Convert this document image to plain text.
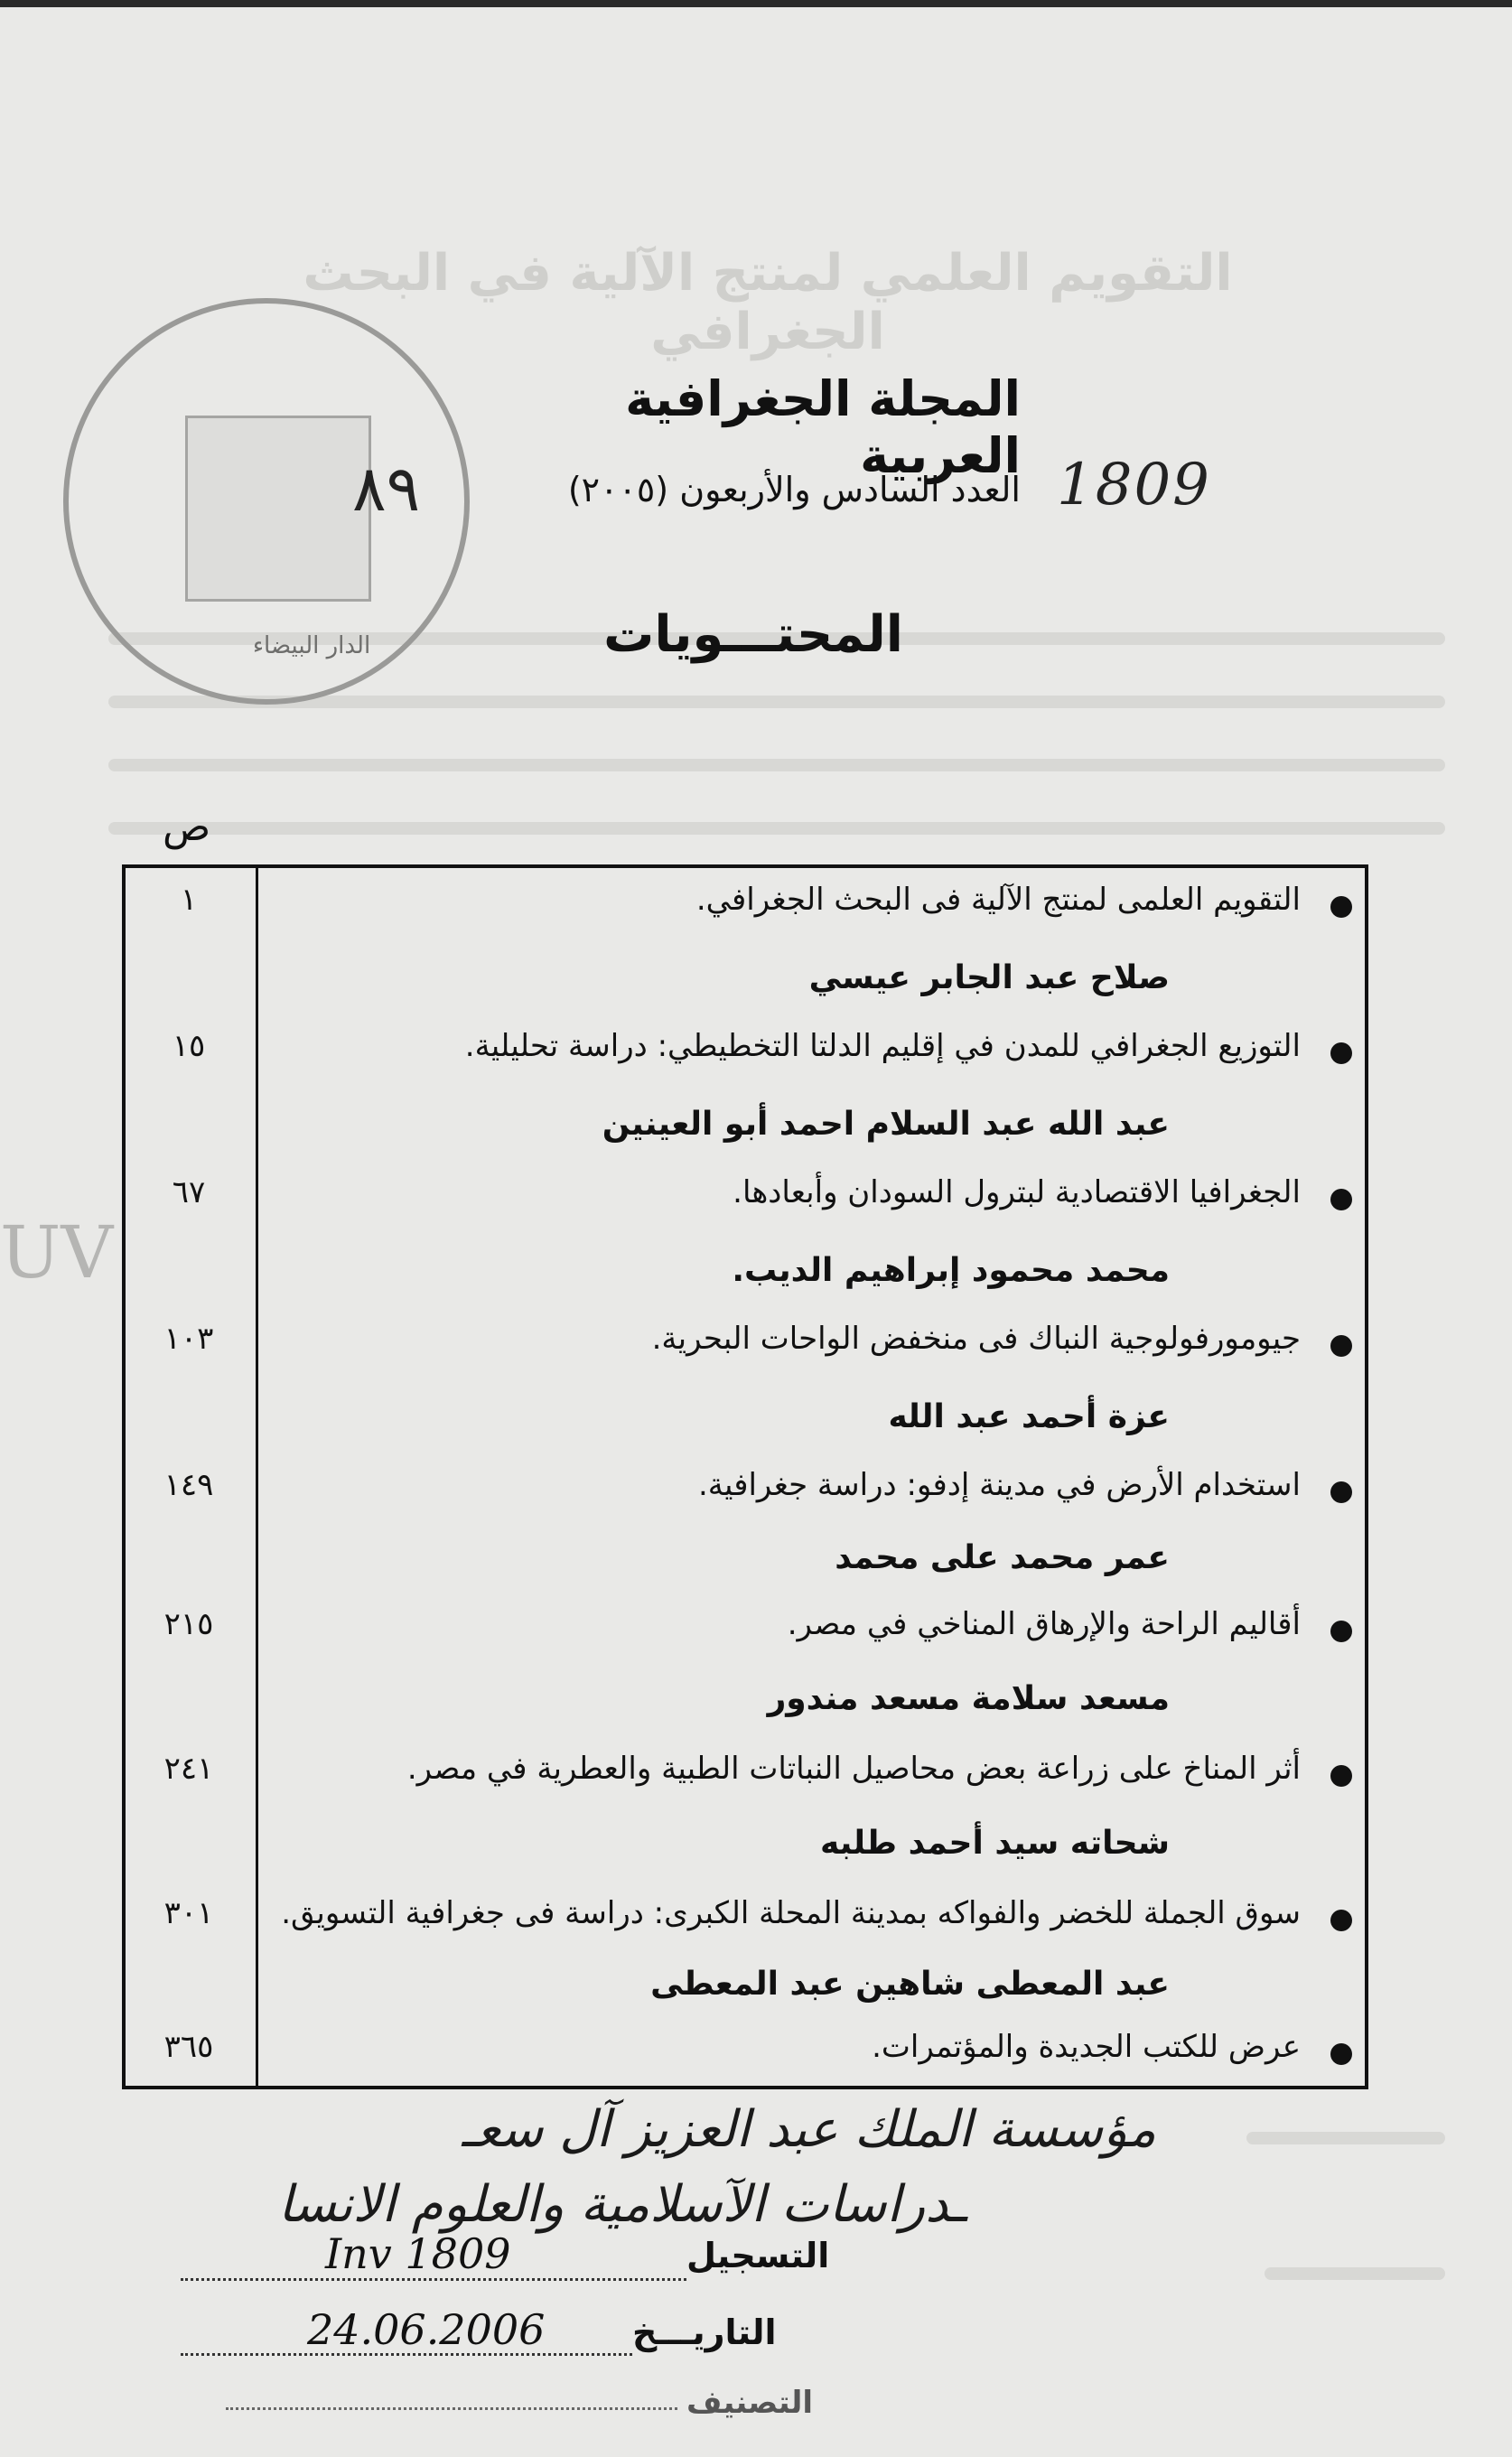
التقويم العلمي لمنتج الآلية في البحث الجغرافي
الدار البيضاء
٨٩	1809
UV
المجلة الجغرافية العربية
العدد السادس والأربعون (٢٠٠٥)
المحتـــويات
ص
التقويم العلمى لمنتج الآلية فى البحث الجغرافي.
١
صلاح عبد الجابر عيسي
التوزيع الجغرافي للمدن في إقليم الدلتا التخطيطي: دراسة تحليلية.
١٥
عبد الله عبد السلام احمد أبو العينين
الجغرافيا الاقتصادية لبترول السودان وأبعادها.
٦٧
محمد محمود إبراهيم الديب.
جيومورفولوجية النباك فى منخفض الواحات البحرية.
١٠٣
عزة أحمد عبد الله
استخدام الأرض في مدينة إدفو: دراسة جغرافية.
١٤٩
عمر محمد على محمد
أقاليم الراحة والإرهاق المناخي في مصر.
٢١٥
مسعد سلامة مسعد مندور
أثر المناخ على زراعة بعض محاصيل النباتات الطبية والعطرية في مصر.
٢٤١
شحاته سيد أحمد طلبه
سوق الجملة للخضر والفواكه بمدينة المحلة الكبرى: دراسة فى جغرافية التسويق.
٣٠١
عبد المعطى شاهين عبد المعطى
عرض للكتب الجديدة والمؤتمرات.
٣٦٥
مؤسسة الملك عبد العزيز آل سعـ
ـدراسات الآسلامية والعلوم الانسا
التسجيل
Inv 1809
التاريـــخ
24.06.2006
التصنيف
